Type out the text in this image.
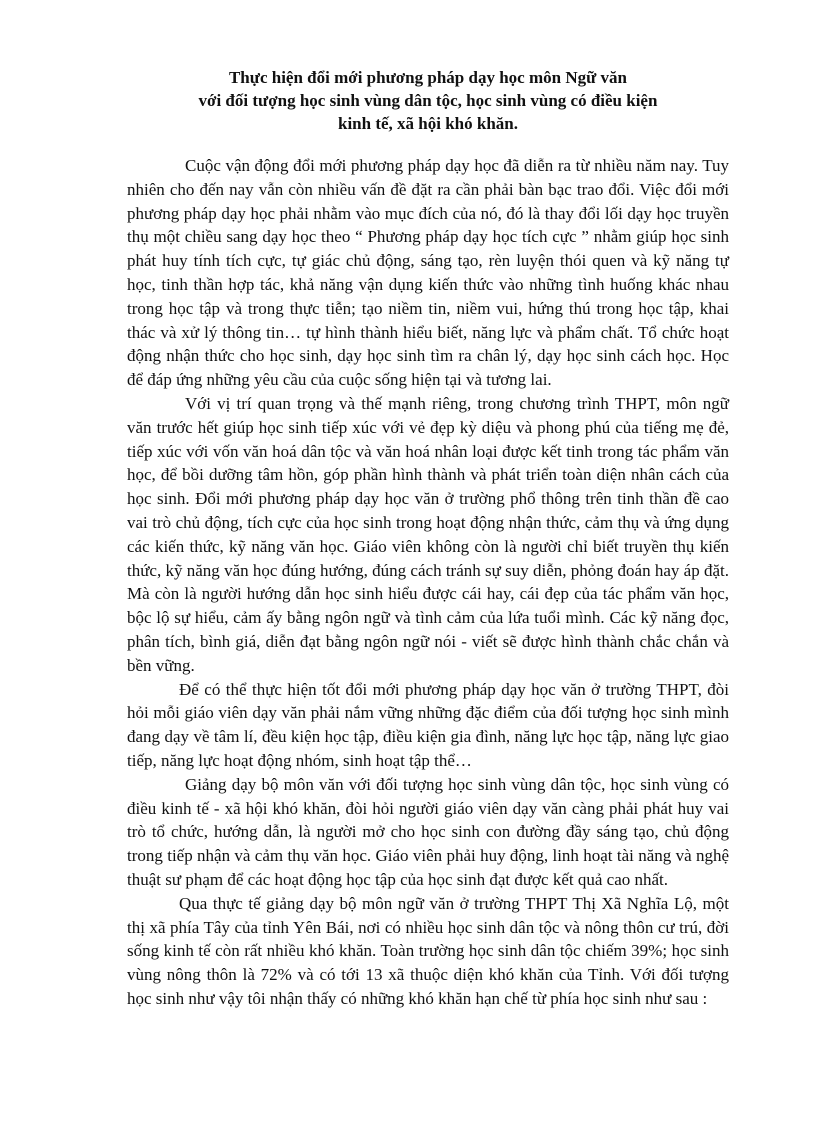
Thực hiện đổi mới phương pháp dạy học môn Ngữ văn
với đối tượng học sinh vùng dân tộc, học sinh vùng có điều kiện
kinh tế, xã hội khó khăn.

Cuộc vận động đổi mới phương pháp dạy học đã diễn ra từ nhiều năm nay. Tuy nhiên cho đến nay vẫn còn nhiều vấn đề đặt ra cần phải bàn bạc trao đổi. Việc đổi mới phương pháp dạy học phải nhằm vào mục đích của nó, đó là thay đổi lối dạy học truyền thụ một chiều sang dạy học theo “ Phương pháp dạy học tích cực ” nhằm giúp học sinh phát huy tính tích cực, tự giác chủ động, sáng tạo, rèn luyện thói quen và kỹ năng tự học, tinh thần hợp tác, khả năng vận dụng kiến thức vào những tình huống khác nhau trong học tập và trong thực tiễn; tạo niềm tin, niềm vui, hứng thú trong học tập, khai thác và xử lý thông tin… tự hình thành hiểu biết, năng lực và phẩm chất. Tổ chức hoạt động nhận thức cho học sinh, dạy học sinh tìm ra chân lý, dạy học sinh cách học. Học để đáp ứng những yêu cầu của cuộc sống hiện tại và tương lai.

Với vị trí quan trọng và thế mạnh riêng, trong chương trình THPT, môn ngữ văn trước hết giúp học sinh tiếp xúc với vẻ đẹp kỳ diệu và phong phú của tiếng mẹ đẻ, tiếp xúc với vốn văn hoá dân tộc và văn hoá nhân loại được kết tinh trong tác phẩm văn học, để bồi dưỡng tâm hồn, góp phần hình thành và phát triển toàn diện nhân cách của học sinh. Đổi mới phương pháp dạy học văn ở trường phổ thông trên tinh thần đề cao vai trò chủ động, tích cực của học sinh trong hoạt động nhận thức, cảm thụ và ứng dụng các kiến thức, kỹ năng văn học. Giáo viên không còn là người chỉ biết truyền thụ kiến thức, kỹ năng văn học đúng hướng, đúng cách tránh sự suy diễn, phỏng đoán hay áp đặt. Mà còn là người hướng dẫn học sinh hiểu được cái hay, cái đẹp của tác phẩm văn học, bộc lộ sự hiểu, cảm ấy bằng ngôn ngữ và tình cảm của lứa tuổi mình. Các kỹ năng đọc, phân tích, bình giá, diễn đạt bằng ngôn ngữ nói - viết sẽ được hình thành chắc chắn và bền vững.

Để có thể thực hiện tốt đổi mới phương pháp dạy học văn ở trường THPT, đòi hỏi mỗi giáo viên dạy văn phải nắm vững những đặc điểm của đối tượng học sinh mình đang dạy về tâm lí, đều kiện học tập, điều kiện gia đình, năng lực học tập, năng lực giao tiếp, năng lực hoạt động nhóm, sinh hoạt tập thể…

Giảng dạy bộ môn văn với đối tượng học sinh vùng dân tộc, học sinh vùng có điều kinh tế - xã hội khó khăn, đòi hỏi người giáo viên dạy văn càng phải phát huy vai trò tổ chức, hướng dẫn, là người mở cho học sinh con đường đầy sáng tạo, chủ động trong tiếp nhận và cảm thụ văn học. Giáo viên phải huy động, linh hoạt tài năng và nghệ thuật sư phạm để các hoạt động học tập của học sinh đạt được kết quả cao nhất.

Qua thực tế giảng dạy bộ môn ngữ văn ở trường THPT Thị Xã Nghĩa Lộ, một thị xã phía Tây của tỉnh Yên Bái, nơi có nhiều học sinh dân tộc và nông thôn cư trú, đời sống kinh tế còn rất nhiều khó khăn. Toàn trường học sinh dân tộc chiếm 39%; học sinh vùng nông thôn là 72% và có tới 13 xã thuộc diện khó khăn của Tỉnh. Với đối tượng học sinh như vậy tôi nhận thấy có những khó khăn hạn chế từ phía học sinh như sau :
